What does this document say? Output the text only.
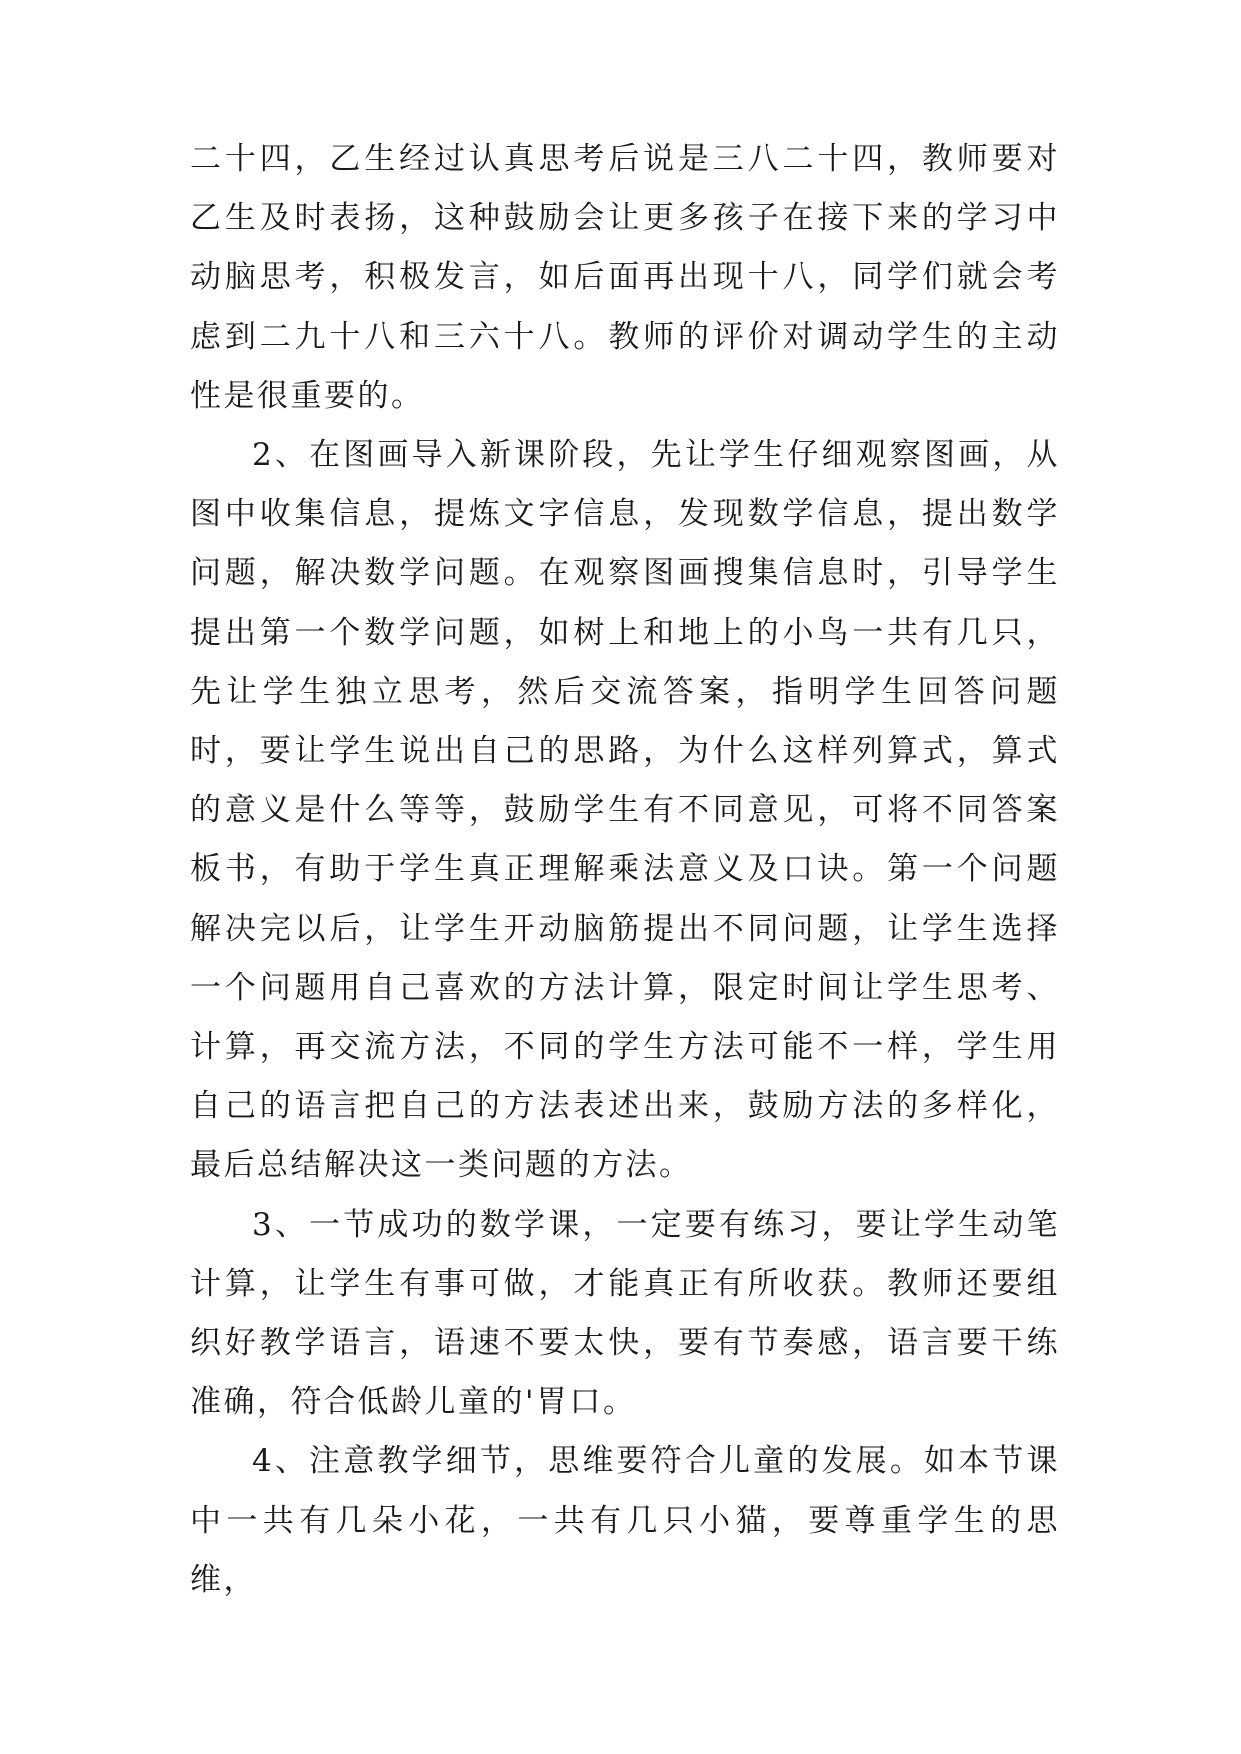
二十四，乙生经过认真思考后说是三八二十四，教师要对乙生及时表扬，这种鼓励会让更多孩子在接下来的学习中动脑思考，积极发言，如后面再出现十八，同学们就会考虑到二九十八和三六十八。教师的评价对调动学生的主动性是很重要的。

2、在图画导入新课阶段，先让学生仔细观察图画，从图中收集信息，提炼文字信息，发现数学信息，提出数学问题，解决数学问题。在观察图画搜集信息时，引导学生提出第一个数学问题，如树上和地上的小鸟一共有几只，先让学生独立思考，然后交流答案，指明学生回答问题时，要让学生说出自己的思路，为什么这样列算式，算式的意义是什么等等，鼓励学生有不同意见，可将不同答案板书，有助于学生真正理解乘法意义及口诀。第一个问题解决完以后，让学生开动脑筋提出不同问题，让学生选择一个问题用自己喜欢的方法计算，限定时间让学生思考、计算，再交流方法，不同的学生方法可能不一样，学生用自己的语言把自己的方法表述出来，鼓励方法的多样化，最后总结解决这一类问题的方法。

3、一节成功的数学课，一定要有练习，要让学生动笔计算，让学生有事可做，才能真正有所收获。教师还要组织好教学语言，语速不要太快，要有节奏感，语言要干练准确，符合低龄儿童的'胃口。

4、注意教学细节，思维要符合儿童的发展。如本节课中一共有几朵小花，一共有几只小猫，要尊重学生的思维，
